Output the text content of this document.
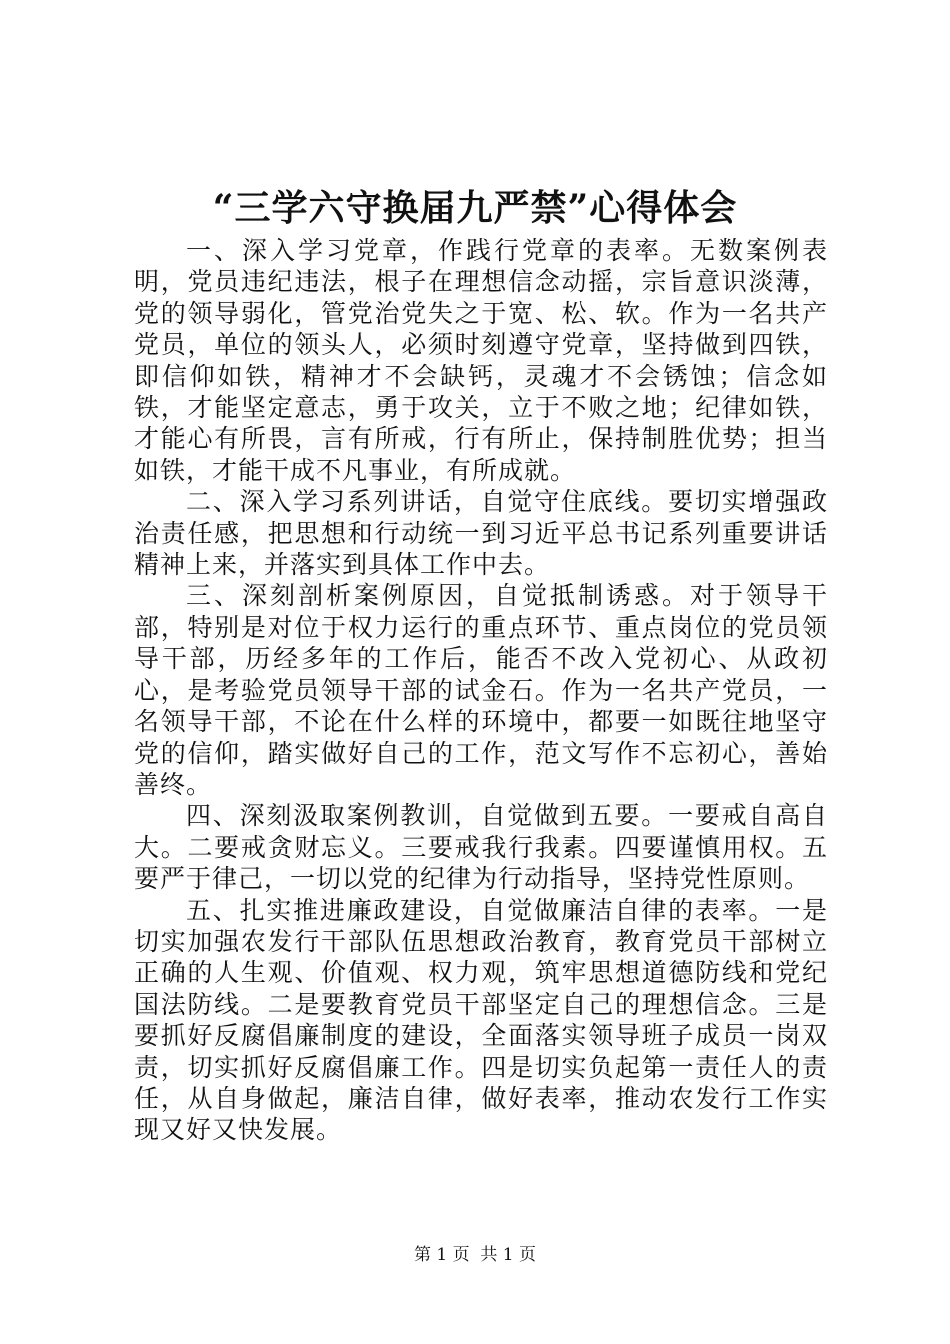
“三学六守换届九严禁”心得体会

一、深入学习党章，作践行党章的表率。无数案例表明，党员违纪违法，根子在理想信念动摇，宗旨意识淡薄，党的领导弱化，管党治党失之于宽、松、软。作为一名共产党员，单位的领头人，必须时刻遵守党章，坚持做到四铁，即信仰如铁，精神才不会缺钙，灵魂才不会锈蚀；信念如铁，才能坚定意志，勇于攻关，立于不败之地；纪律如铁，才能心有所畏，言有所戒，行有所止，保持制胜优势；担当如铁，才能干成不凡事业，有所成就。

二、深入学习系列讲话，自觉守住底线。要切实增强政治责任感，把思想和行动统一到习近平总书记系列重要讲话精神上来，并落实到具体工作中去。

三、深刻剖析案例原因，自觉抵制诱惑。对于领导干部，特别是对位于权力运行的重点环节、重点岗位的党员领导干部，历经多年的工作后，能否不改入党初心、从政初心，是考验党员领导干部的试金石。作为一名共产党员，一名领导干部，不论在什么样的环境中，都要一如既往地坚守党的信仰，踏实做好自己的工作，范文写作不忘初心，善始善终。

四、深刻汲取案例教训，自觉做到五要。一要戒自高自大。二要戒贪财忘义。三要戒我行我素。四要谨慎用权。五要严于律己，一切以党的纪律为行动指导，坚持党性原则。

五、扎实推进廉政建设，自觉做廉洁自律的表率。一是切实加强农发行干部队伍思想政治教育，教育党员干部树立正确的人生观、价值观、权力观，筑牢思想道德防线和党纪国法防线。二是要教育党员干部坚定自己的理想信念。三是要抓好反腐倡廉制度的建设，全面落实领导班子成员一岗双责，切实抓好反腐倡廉工作。四是切实负起第一责任人的责任，从自身做起，廉洁自律，做好表率，推动农发行工作实现又好又快发展。

第 1 页  共 1 页
